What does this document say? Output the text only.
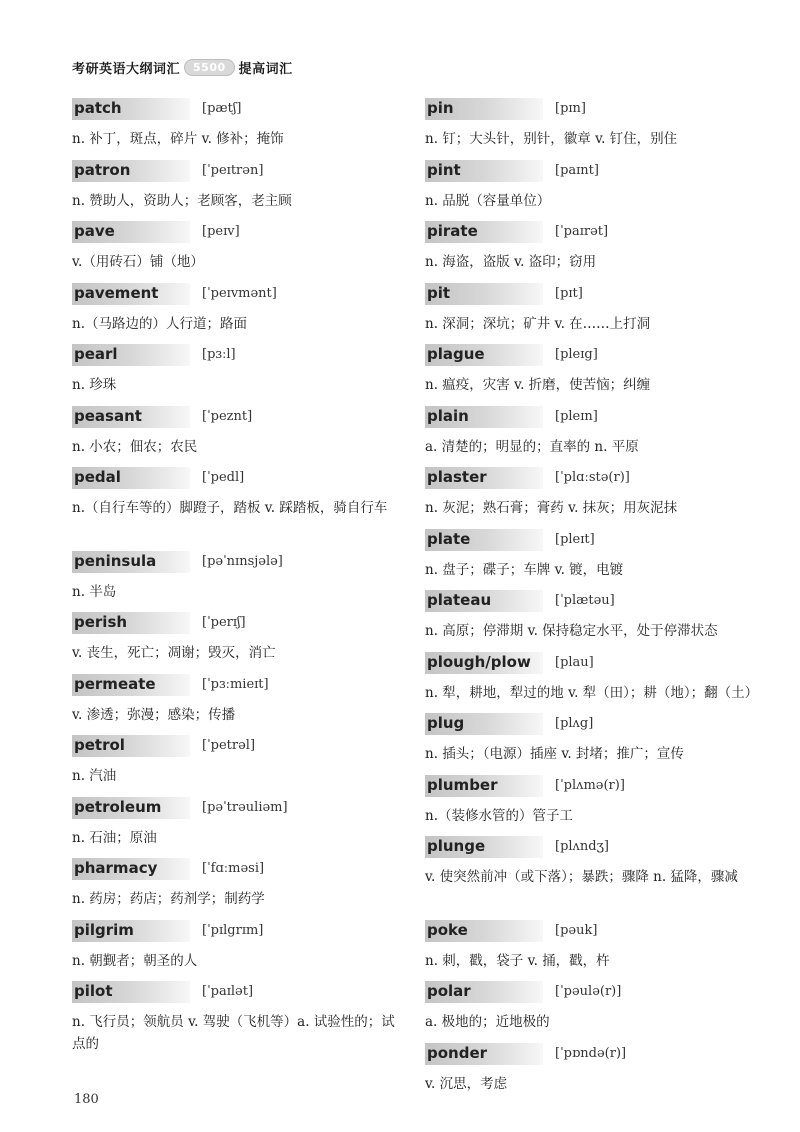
考研英语大纲词汇	5500	提高词汇
patch	[pætʃ]
n. 补丁，斑点，碎片 v. 修补；掩饰
patron	[ˈpeɪtrən]
n. 赞助人，资助人；老顾客，老主顾
pave	[peɪv]
v.（用砖石）铺（地）
pavement	[ˈpeɪvmənt]
n.（马路边的）人行道；路面
pearl	[pɜːl]
n. 珍珠
peasant	[ˈpeznt]
n. 小农；佃农；农民
pedal	[ˈpedl]
n.（自行车等的）脚蹬子，踏板 v. 踩踏板，骑自行车
peninsula	[pəˈnɪnsjələ]
n. 半岛
perish	[ˈperɪʃ]
v. 丧生，死亡；凋谢；毁灭，消亡
permeate	[ˈpɜːmieɪt]
v. 渗透；弥漫；感染；传播
petrol	[ˈpetrəl]
n. 汽油
petroleum	[pəˈtrəuliəm]
n. 石油；原油
pharmacy	[ˈfɑːməsi]
n. 药房；药店；药剂学；制药学
pilgrim	[ˈpɪlgrɪm]
n. 朝觐者；朝圣的人
pilot	[ˈpaɪlət]
n. 飞行员；领航员 v. 驾驶（飞机等）a. 试验性的；试点的
pin	[pɪn]
n. 钉；大头针，别针，徽章 v. 钉住，别住
pint	[paɪnt]
n. 品脱（容量单位）
pirate	[ˈpaɪrət]
n. 海盗，盗版 v. 盗印；窃用
pit	[pɪt]
n. 深洞；深坑；矿井 v. 在……上打洞
plague	[pleɪg]
n. 瘟疫，灾害 v. 折磨，使苦恼；纠缠
plain	[pleɪn]
a. 清楚的；明显的；直率的 n. 平原
plaster	[ˈplɑːstə(r)]
n. 灰泥；熟石膏；膏药 v. 抹灰；用灰泥抹
plate	[pleɪt]
n. 盘子；碟子；车牌 v. 镀，电镀
plateau	[ˈplætəu]
n. 高原；停滞期 v. 保持稳定水平，处于停滞状态
plough/plow [plau]
n. 犁，耕地，犁过的地 v. 犁（田）；耕（地）；翻（土）
plug	[plʌg]
n. 插头；（电源）插座 v. 封堵；推广；宣传
plumber	[ˈplʌmə(r)]
n.（装修水管的）管子工
plunge	[plʌndʒ]
v. 使突然前冲（或下落）；暴跌；骤降 n. 猛降，骤减
poke	[pəuk]
n. 刺，戳，袋子 v. 捅，戳，杵
polar	[ˈpəulə(r)]
a. 极地的；近地极的
ponder	[ˈpɒndə(r)]
v. 沉思，考虑
180
